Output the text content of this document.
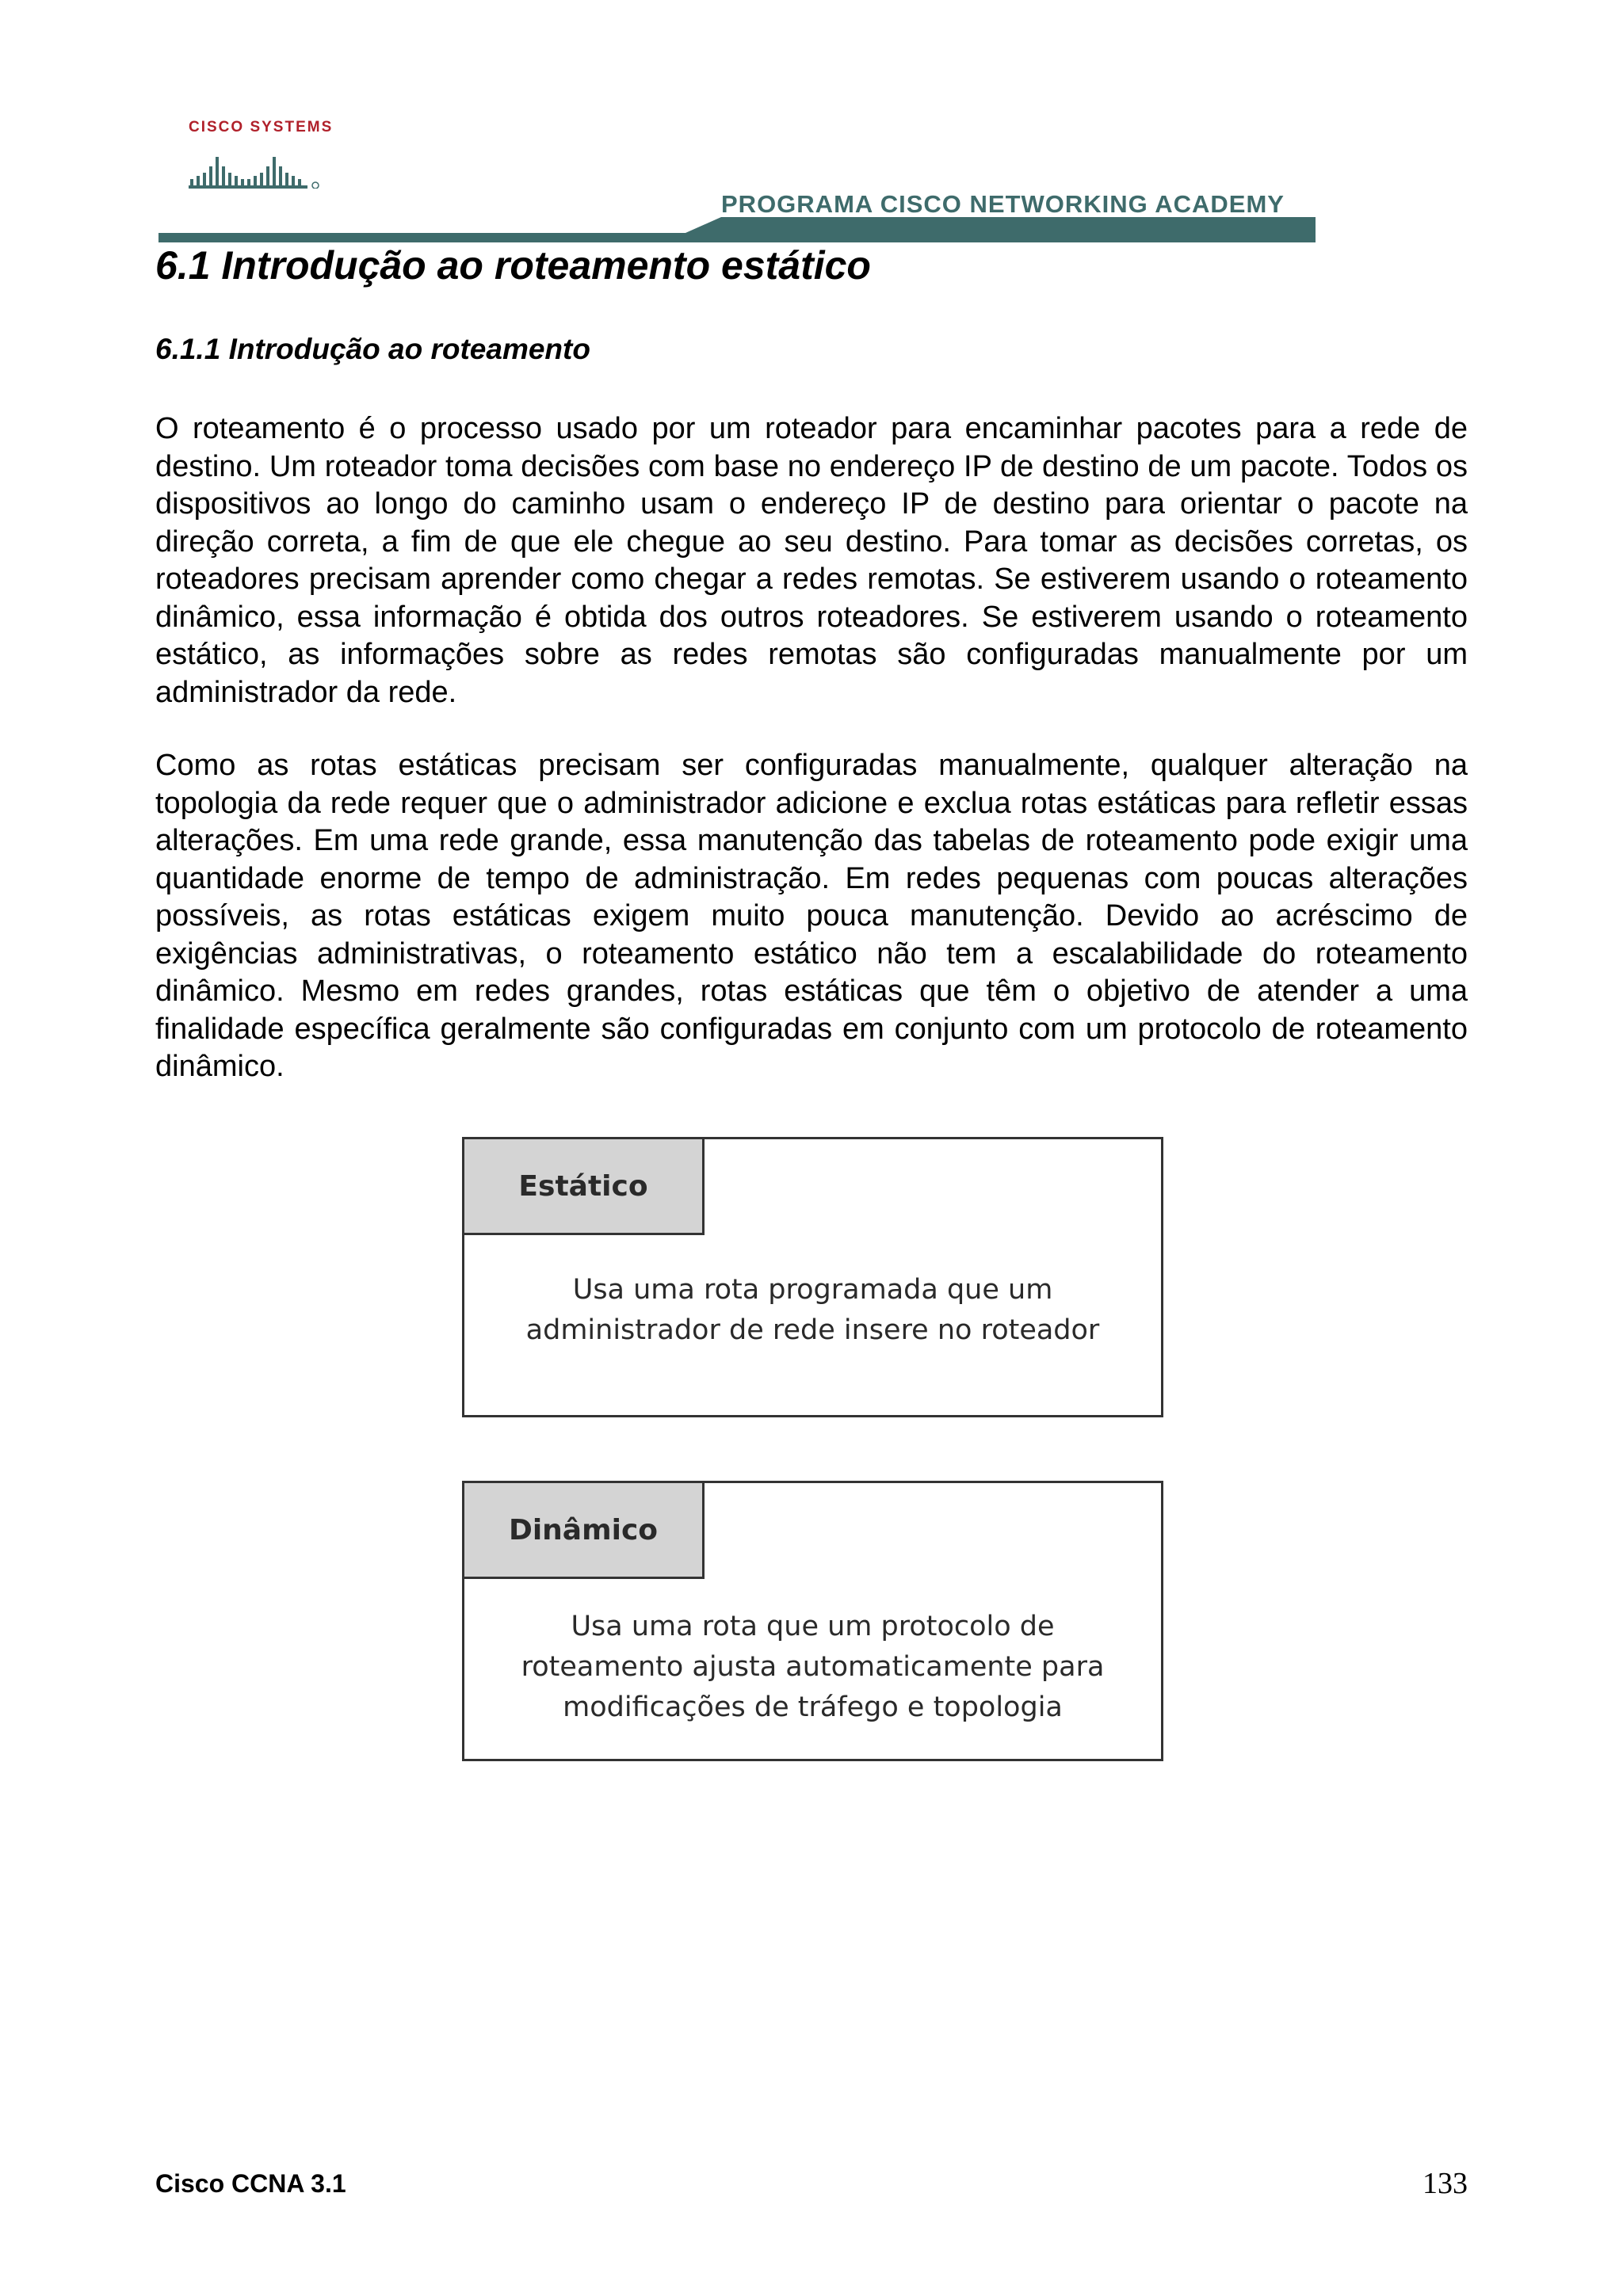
CISCO SYSTEMS
PROGRAMA CISCO NETWORKING ACADEMY
6.1 Introdução ao roteamento estático
6.1.1 Introdução ao roteamento

O roteamento é o processo usado por um roteador para encaminhar pacotes para a rede de destino. Um roteador toma decisões com base no endereço IP de destino de um pacote. Todos os dispositivos ao longo do caminho usam o endereço IP de destino para orientar o pacote na direção correta, a fim de que ele chegue ao seu destino. Para tomar as decisões corretas, os roteadores precisam aprender como chegar a redes remotas. Se estiverem usando o roteamento dinâmico, essa informação é obtida dos outros roteadores. Se estiverem usando o roteamento estático, as informações sobre as redes remotas são configuradas manualmente por um administrador da rede.

Como as rotas estáticas precisam ser configuradas manualmente, qualquer alteração na topologia da rede requer que o administrador adicione e exclua rotas estáticas para refletir essas alterações. Em uma rede grande, essa manutenção das tabelas de roteamento pode exigir uma quantidade enorme de tempo de administração. Em redes pequenas com poucas alterações possíveis, as rotas estáticas exigem muito pouca manutenção. Devido ao acréscimo de exigências administrativas, o roteamento estático não tem a escalabilidade do roteamento dinâmico. Mesmo em redes grandes, rotas estáticas que têm o objetivo de atender a uma finalidade específica geralmente são configuradas em conjunto com um protocolo de roteamento dinâmico.

Estático
Usa uma rota programada que um
administrador de rede insere no roteador
Dinâmico
Usa uma rota que um protocolo de
roteamento ajusta automaticamente para
modificações de tráfego e topologia
Cisco CCNA 3.1	133
